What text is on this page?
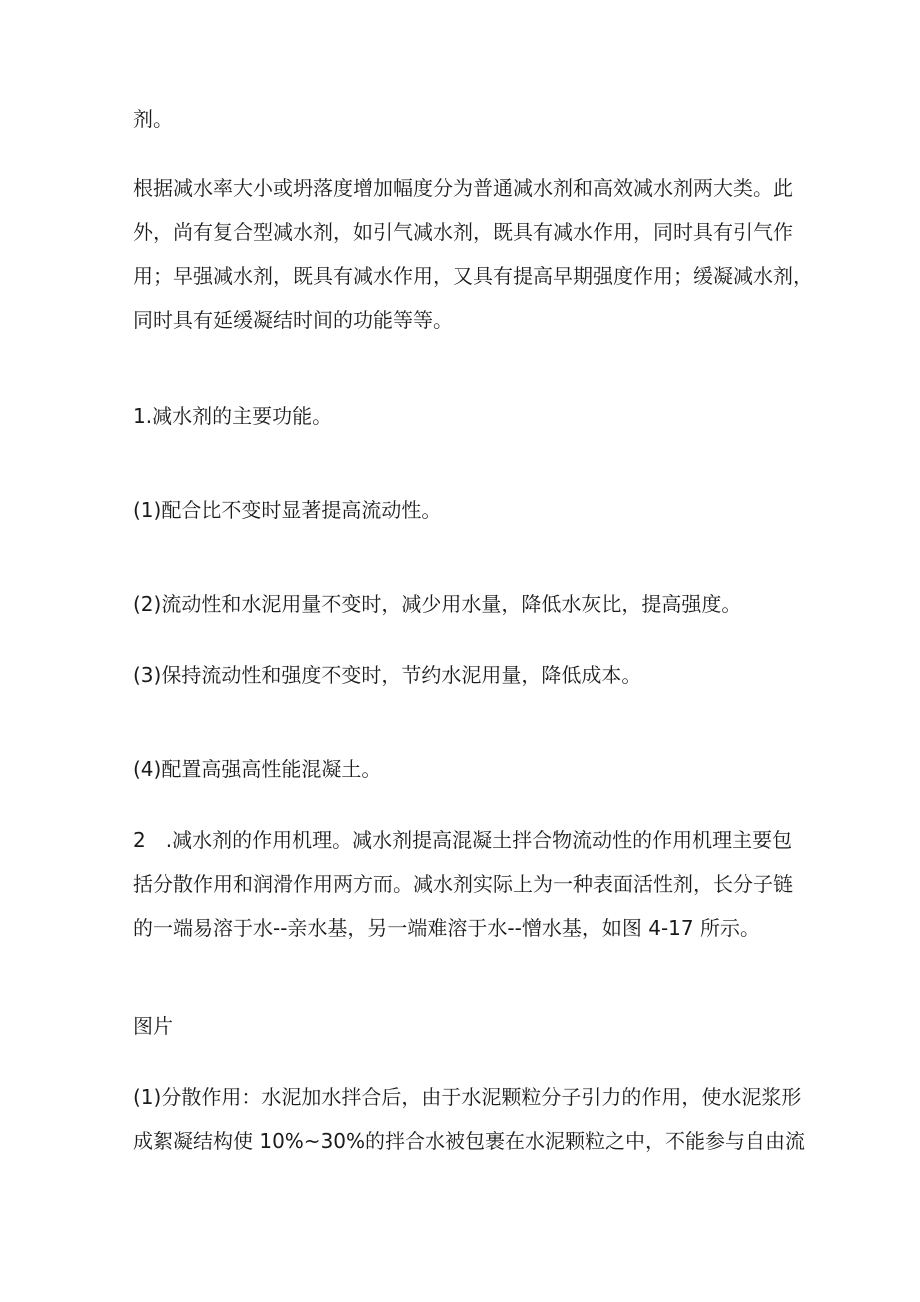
剂。

根据减水率大小或坍落度增加幅度分为普通减水剂和高效减水剂两大类。此
外，尚有复合型减水剂，如引气减水剂，既具有减水作用，同时具有引气作
用；早强减水剂，既具有减水作用，又具有提高早期强度作用；缓凝减水剂，
同时具有延缓凝结时间的功能等等。

1.减水剂的主要功能。

(1)配合比不变时显著提高流动性。

(2)流动性和水泥用量不变时，减少用水量，降低水灰比，提高强度。

(3)保持流动性和强度不变时，节约水泥用量，降低成本。

(4)配置高强高性能混凝土。

2　.减水剂的作用机理。减水剂提高混凝土拌合物流动性的作用机理主要包
括分散作用和润滑作用两方而。减水剂实际上为一种表面活性剂，长分子链
的一端易溶于水--亲水基，另一端难溶于水--憎水基，如图 4-17 所示。

图片

(1)分散作用：水泥加水拌合后，由于水泥颗粒分子引力的作用，使水泥浆形
成絮凝结构使 10%~30%的拌合水被包裹在水泥颗粒之中，不能参与自由流
